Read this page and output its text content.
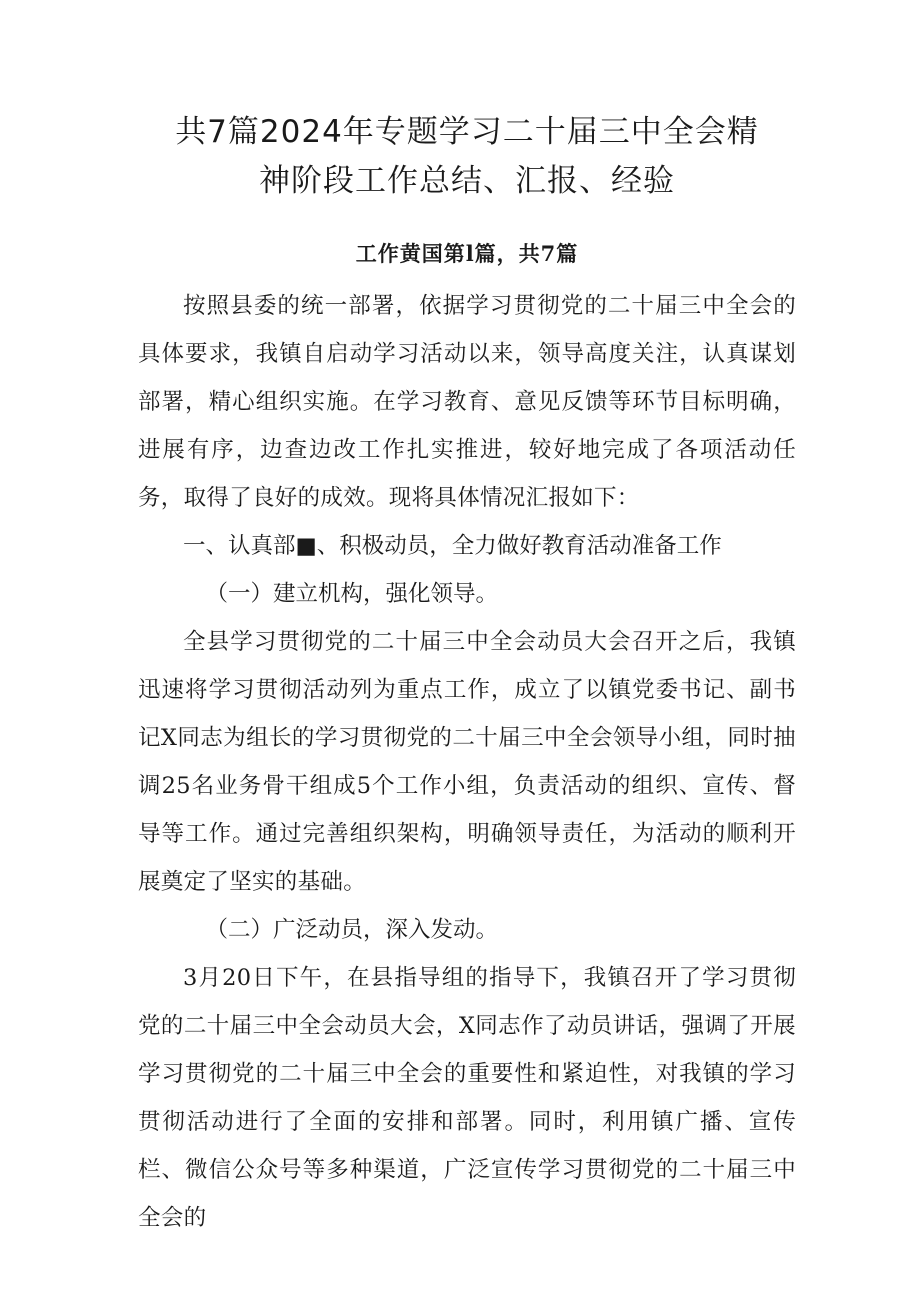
共7篇2024年专题学习二十届三中全会精
神阶段工作总结、汇报、经验
工作黄国第l篇，共7篇

按照县委的统一部署，依据学习贯彻党的二十届三中全会的具体要求，我镇自启动学习活动以来，领导高度关注，认真谋划部署，精心组织实施。在学习教育、意见反馈等环节目标明确，进展有序，边查边改工作扎实推进，较好地完成了各项活动任务，取得了良好的成效。现将具体情况汇报如下：

一、认真部■、积极动员，全力做好教育活动准备工作

（一）建立机构，强化领导。

全县学习贯彻党的二十届三中全会动员大会召开之后，我镇迅速将学习贯彻活动列为重点工作，成立了以镇党委书记、副书记X同志为组长的学习贯彻党的二十届三中全会领导小组，同时抽调25名业务骨干组成5个工作小组，负责活动的组织、宣传、督导等工作。通过完善组织架构，明确领导责任，为活动的顺利开展奠定了坚实的基础。

（二）广泛动员，深入发动。

3月20日下午，在县指导组的指导下，我镇召开了学习贯彻党的二十届三中全会动员大会，X同志作了动员讲话，强调了开展学习贯彻党的二十届三中全会的重要性和紧迫性，对我镇的学习贯彻活动进行了全面的安排和部署。同时，利用镇广播、宣传栏、微信公众号等多种渠道，广泛宣传学习贯彻党的二十届三中全会的
